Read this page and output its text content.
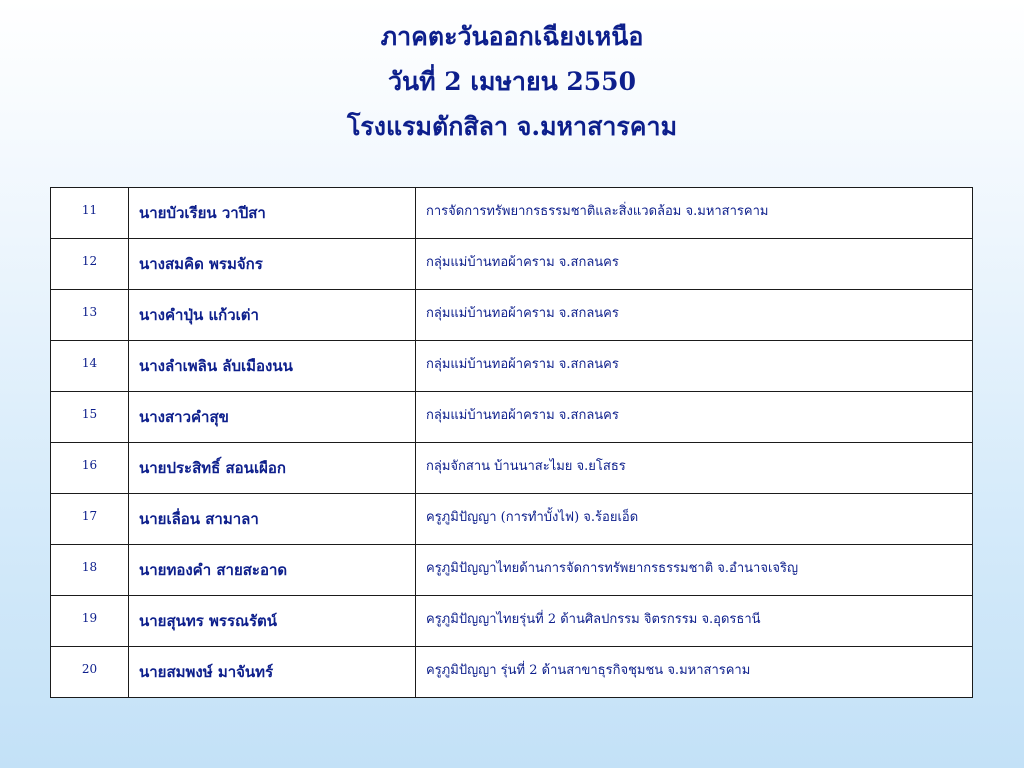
ภาคตะวันออกเฉียงเหนือ
วันที่ 2 เมษายน 2550
โรงแรมตักสิลา จ.มหาสารคาม
11	นายบัวเรียน วาปีสา	การจัดการทรัพยากรธรรมชาติและสิ่งแวดล้อม จ.มหาสารคาม
12	นางสมคิด พรมจักร	กลุ่มแม่บ้านทอผ้าคราม จ.สกลนคร
13	นางคำปุ่น แก้วเต่า	กลุ่มแม่บ้านทอผ้าคราม จ.สกลนคร
14	นางลำเพลิน ลับเมืองนน	กลุ่มแม่บ้านทอผ้าคราม จ.สกลนคร
15	นางสาวคำสุข	กลุ่มแม่บ้านทอผ้าคราม จ.สกลนคร
16	นายประสิทธิ์ สอนเผือก	กลุ่มจักสาน บ้านนาสะไมย จ.ยโสธร
17	นายเลื่อน สามาลา	ครูภูมิปัญญา (การทำบั้งไฟ) จ.ร้อยเอ็ด
18	นายทองคำ สายสะอาด	ครูภูมิปัญญาไทยด้านการจัดการทรัพยากรธรรมชาติ จ.อำนาจเจริญ
19	นายสุนทร พรรณรัตน์	ครูภูมิปัญญาไทยรุ่นที่ 2 ด้านศิลปกรรม จิตรกรรม จ.อุดรธานี
20	นายสมพงษ์ มาจันทร์	ครูภูมิปัญญา รุ่นที่ 2 ด้านสาขาธุรกิจชุมชน จ.มหาสารคาม
